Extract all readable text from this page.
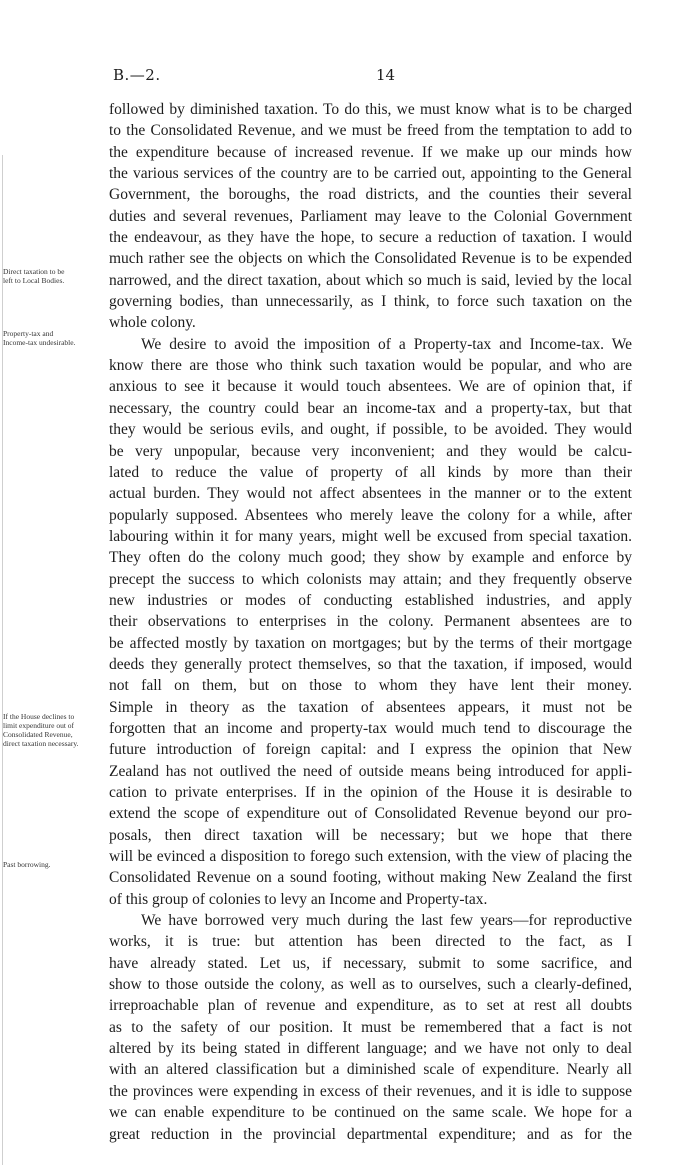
B.—2.	14
Direct taxation to be
left to Local Bodies.
Property-tax and
Income-tax undesirable.
If the House declines to
limit expenditure out of
Consolidated Revenue,
direct taxation necessary.
Past borrowing.
followed by diminished taxation. To do this, we must know what is to be charged
to the Consolidated Revenue, and we must be freed from the temptation to add to
the expenditure because of increased revenue. If we make up our minds how
the various services of the country are to be carried out, appointing to the General
Government, the boroughs, the road districts, and the counties their several
duties and several revenues, Parliament may leave to the Colonial Government
the endeavour, as they have the hope, to secure a reduction of taxation. I would
much rather see the objects on which the Consolidated Revenue is to be expended
narrowed, and the direct taxation, about which so much is said, levied by the local
governing bodies, than unnecessarily, as I think, to force such taxation on the
whole colony.
We desire to avoid the imposition of a Property-tax and Income-tax. We
know there are those who think such taxation would be popular, and who are
anxious to see it because it would touch absentees. We are of opinion that, if
necessary, the country could bear an income-tax and a property-tax, but that
they would be serious evils, and ought, if possible, to be avoided. They would
be very unpopular, because very inconvenient; and they would be calcu-
lated to reduce the value of property of all kinds by more than their
actual burden. They would not affect absentees in the manner or to the extent
popularly supposed. Absentees who merely leave the colony for a while, after
labouring within it for many years, might well be excused from special taxation.
They often do the colony much good; they show by example and enforce by
precept the success to which colonists may attain; and they frequently observe
new industries or modes of conducting established industries, and apply
their observations to enterprises in the colony. Permanent absentees are to
be affected mostly by taxation on mortgages; but by the terms of their mortgage
deeds they generally protect themselves, so that the taxation, if imposed, would
not fall on them, but on those to whom they have lent their money.
Simple in theory as the taxation of absentees appears, it must not be
forgotten that an income and property-tax would much tend to discourage the
future introduction of foreign capital: and I express the opinion that New
Zealand has not outlived the need of outside means being introduced for appli-
cation to private enterprises. If in the opinion of the House it is desirable to
extend the scope of expenditure out of Consolidated Revenue beyond our pro-
posals, then direct taxation will be necessary; but we hope that there
will be evinced a disposition to forego such extension, with the view of placing the
Consolidated Revenue on a sound footing, without making New Zealand the first
of this group of colonies to levy an Income and Property-tax.
We have borrowed very much during the last few years—for reproductive
works, it is true: but attention has been directed to the fact, as I
have already stated. Let us, if necessary, submit to some sacrifice, and
show to those outside the colony, as well as to ourselves, such a clearly-defined,
irreproachable plan of revenue and expenditure, as to set at rest all doubts
as to the safety of our position. It must be remembered that a fact is not
altered by its being stated in different language; and we have not only to deal
with an altered classification but a diminished scale of expenditure. Nearly all
the provinces were expending in excess of their revenues, and it is idle to suppose
we can enable expenditure to be continued on the same scale. We hope for a
great reduction in the provincial departmental expenditure; and as for the
